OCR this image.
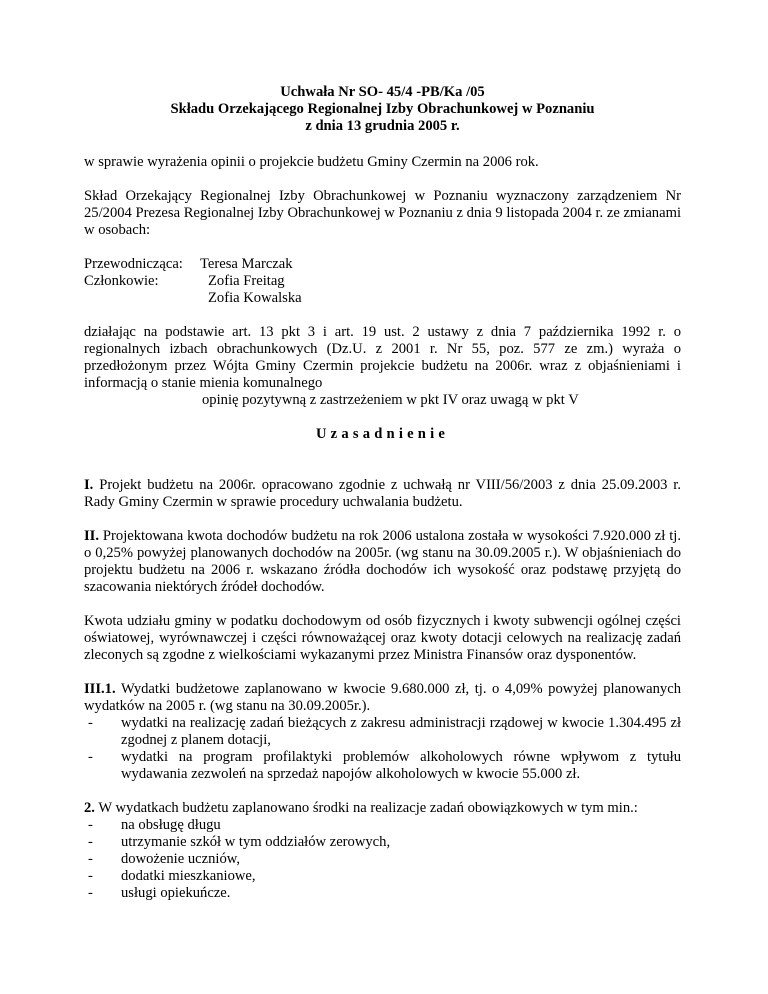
Uchwała Nr SO- 45/4 -PB/Ka /05
Składu Orzekającego Regionalnej Izby Obrachunkowej w Poznaniu
z dnia 13 grudnia 2005 r.

w sprawie wyrażenia opinii o projekcie budżetu Gminy Czermin na 2006 rok.

Skład Orzekający Regionalnej Izby Obrachunkowej w Poznaniu wyznaczony zarządzeniem Nr 25/2004 Prezesa Regionalnej Izby Obrachunkowej w Poznaniu z dnia 9 listopada 2004 r. ze zmianami w osobach:

Przewodnicząca:	Teresa Marczak
Członkowie:	Zofia Freitag
Zofia Kowalska

działając na podstawie art. 13 pkt 3 i art. 19 ust. 2 ustawy z dnia 7 października 1992 r. o regionalnych izbach obrachunkowych (Dz.U. z 2001 r. Nr 55, poz. 577 ze zm.) wyraża o przedłożonym przez Wójta Gminy Czermin projekcie budżetu na 2006r. wraz z objaśnieniami i informacją o stanie mienia komunalnego

opinię pozytywną z zastrzeżeniem w pkt IV oraz uwagą w pkt V
Uzasadnienie

I. Projekt budżetu na 2006r. opracowano zgodnie z uchwałą nr VIII/56/2003 z dnia 25.09.2003 r. Rady Gminy Czermin w sprawie procedury uchwalania budżetu.

II. Projektowana kwota dochodów budżetu na rok 2006 ustalona została w wysokości 7.920.000 zł tj. o 0,25% powyżej planowanych dochodów na 2005r. (wg stanu na 30.09.2005 r.). W objaśnieniach do projektu budżetu na 2006 r. wskazano źródła dochodów ich wysokość oraz podstawę przyjętą do szacowania niektórych źródeł dochodów.

Kwota udziału gminy w podatku dochodowym od osób fizycznych i kwoty subwencji ogólnej części oświatowej, wyrównawczej i części równoważącej oraz kwoty dotacji celowych na realizację zadań zleconych są zgodne z wielkościami wykazanymi przez Ministra Finansów oraz dysponentów.

III.1. Wydatki budżetowe zaplanowano w kwocie 9.680.000 zł, tj. o 4,09% powyżej planowanych wydatków na 2005 r. (wg stanu na 30.09.2005r.).

- wydatki na realizację zadań bieżących z zakresu administracji rządowej w kwocie 1.304.495 zł zgodnej z planem dotacji,
- wydatki na program profilaktyki problemów alkoholowych równe wpływom z tytułu wydawania zezwoleń na sprzedaż napojów alkoholowych w kwocie 55.000 zł.

2. W wydatkach budżetu zaplanowano środki na realizacje zadań obowiązkowych w tym min.:

- na obsługę długu
- utrzymanie szkół w tym oddziałów zerowych,
- dowożenie uczniów,
- dodatki mieszkaniowe,
- usługi opiekuńcze.
